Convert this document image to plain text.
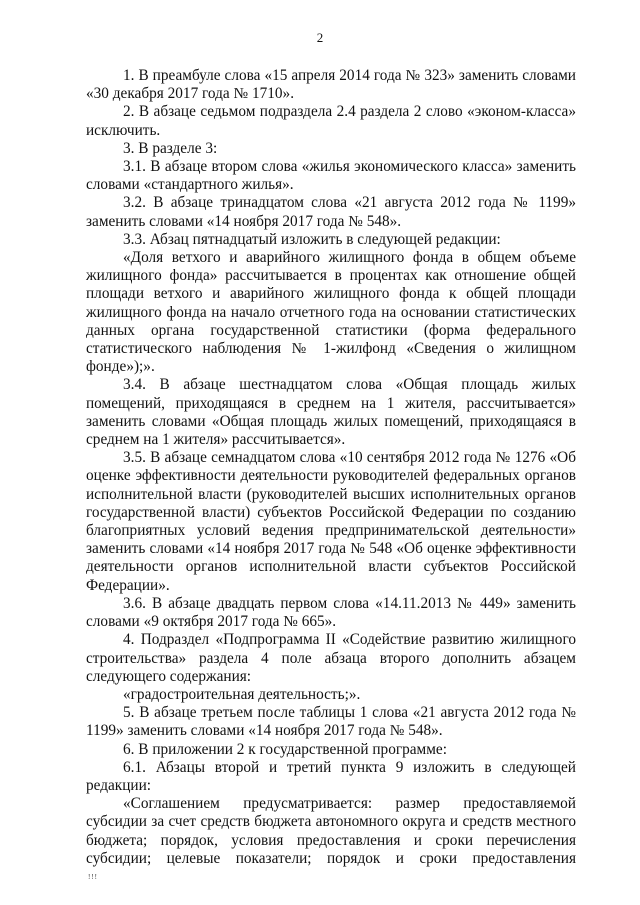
2

1. В преамбуле слова «15 апреля 2014 года № 323» заменить словами «30 декабря 2017 года № 1710».

2. В абзаце седьмом подраздела 2.4 раздела 2 слово «эконом-класса» исключить.

3. В разделе 3:

3.1. В абзаце втором слова «жилья экономического класса» заменить словами «стандартного жилья».

3.2. В абзаце тринадцатом слова «21 августа 2012 года № 1199» заменить словами «14 ноября 2017 года № 548».

3.3. Абзац пятнадцатый изложить в следующей редакции:

«Доля ветхого и аварийного жилищного фонда в общем объеме жилищного фонда» рассчитывается в процентах как отношение общей площади ветхого и аварийного жилищного фонда к общей площади жилищного фонда на начало отчетного года на основании статистических данных органа государственной статистики (форма федерального статистического наблюдения № 1-жилфонд «Сведения о жилищном фонде»);».

3.4. В абзаце шестнадцатом слова «Общая площадь жилых помещений, приходящаяся в среднем на 1 жителя, рассчитывается» заменить словами «Общая площадь жилых помещений, приходящаяся в среднем на 1 жителя» рассчитывается».

3.5. В абзаце семнадцатом слова «10 сентября 2012 года № 1276 «Об оценке эффективности деятельности руководителей федеральных органов исполнительной власти (руководителей высших исполнительных органов государственной власти) субъектов Российской Федерации по созданию благоприятных условий ведения предпринимательской деятельности» заменить словами «14 ноября 2017 года № 548 «Об оценке эффективности деятельности органов исполнительной власти субъектов Российской Федерации».

3.6. В абзаце двадцать первом слова «14.11.2013 № 449» заменить словами «9 октября 2017 года № 665».

4. Подраздел «Подпрограмма II «Содействие развитию жилищного строительства» раздела 4 поле абзаца второго дополнить абзацем следующего содержания:

«градостроительная деятельность;».

5. В абзаце третьем после таблицы 1 слова «21 августа 2012 года № 1199» заменить словами «14 ноября 2017 года № 548».

6. В приложении 2 к государственной программе:

6.1. Абзацы второй и третий пункта 9 изложить в следующей редакции:

«Соглашением предусматривается: размер предоставляемой субсидии за счет средств бюджета автономного округа и средств местного бюджета; порядок, условия предоставления и сроки перечисления субсидии; целевые показатели; порядок и сроки предоставления

!!!
